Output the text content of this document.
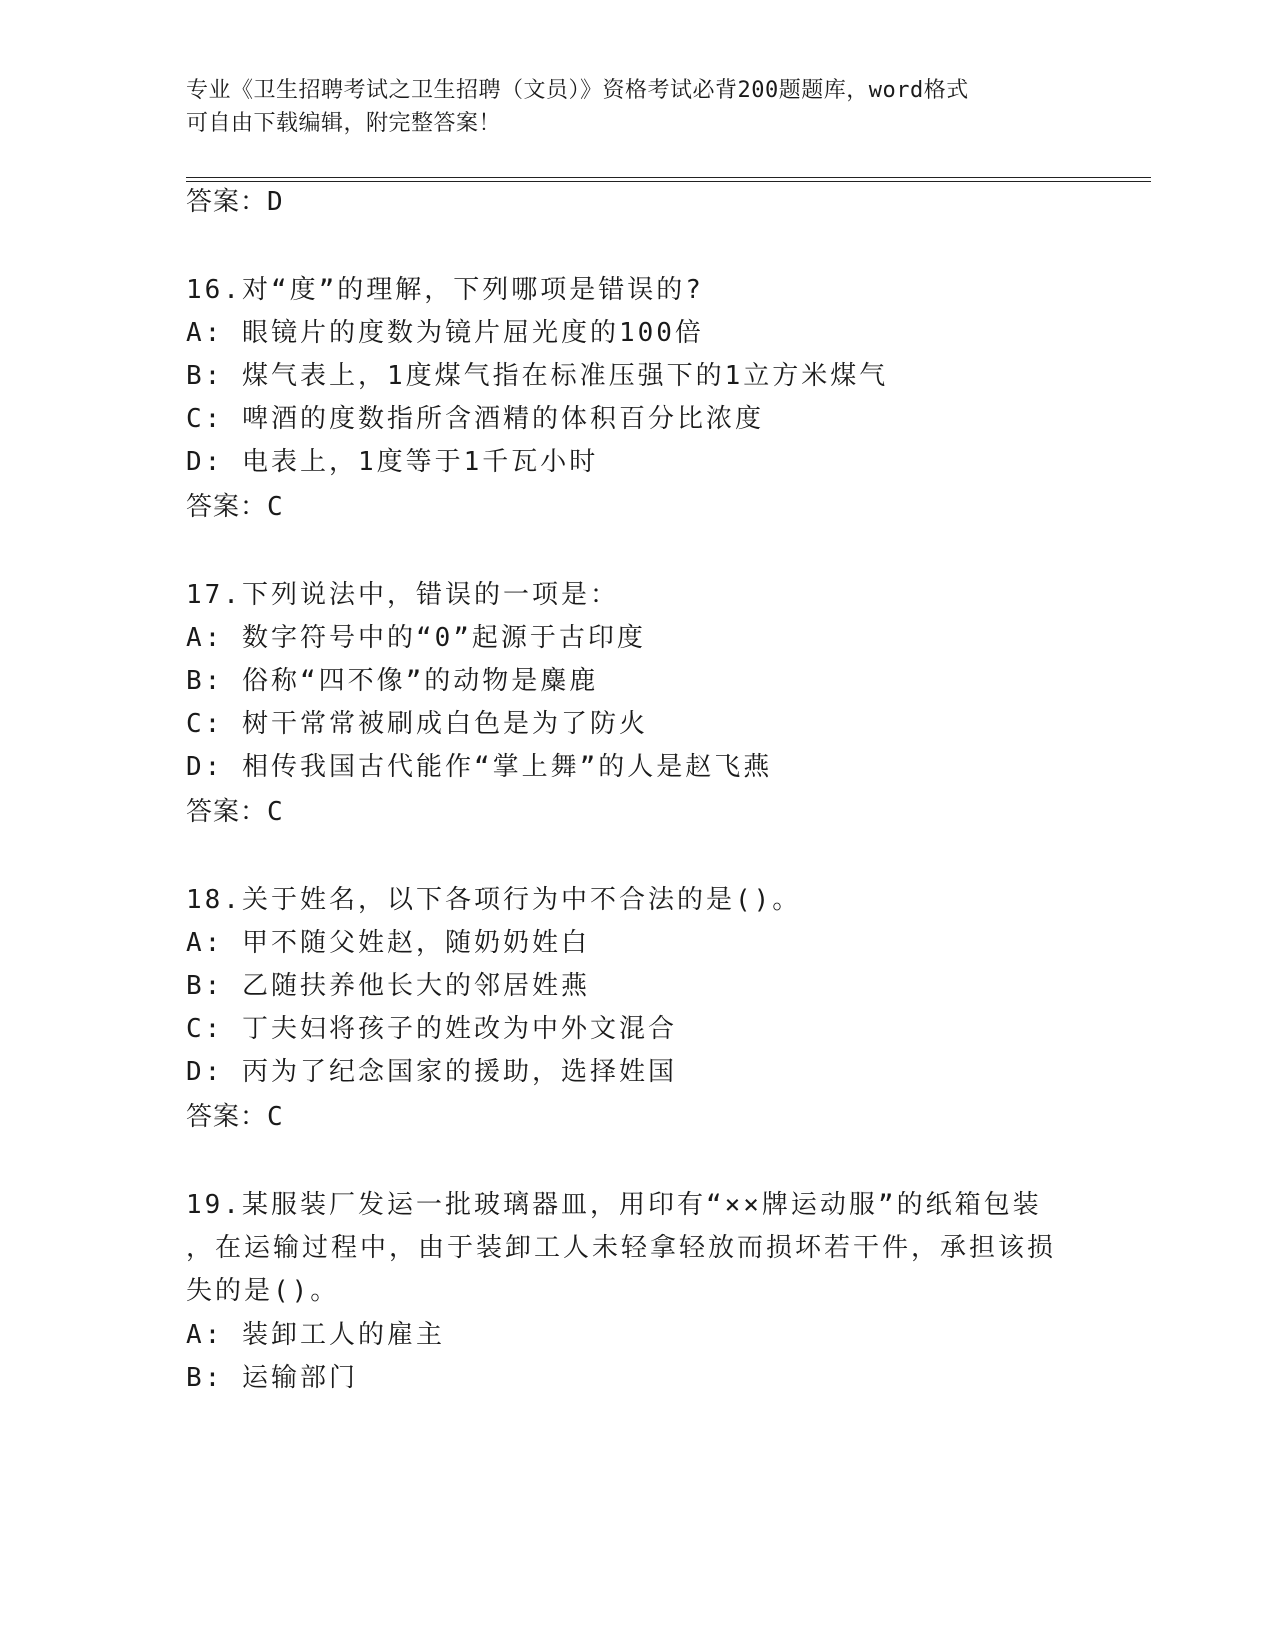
专业《卫生招聘考试之卫生招聘（文员）》资格考试必背200题题库，word格式
可自由下载编辑，附完整答案！
答案：D
16.对“度”的理解，下列哪项是错误的?
A: 眼镜片的度数为镜片屈光度的100倍
B: 煤气表上，1度煤气指在标准压强下的1立方米煤气
C: 啤酒的度数指所含酒精的体积百分比浓度
D: 电表上，1度等于1千瓦小时
答案：C
17.下列说法中，错误的一项是：
A: 数字符号中的“0”起源于古印度
B: 俗称“四不像”的动物是麋鹿
C: 树干常常被刷成白色是为了防火
D: 相传我国古代能作“掌上舞”的人是赵飞燕
答案：C
18.关于姓名，以下各项行为中不合法的是()。
A: 甲不随父姓赵，随奶奶姓白
B: 乙随扶养他长大的邻居姓燕
C: 丁夫妇将孩子的姓改为中外文混合
D: 丙为了纪念国家的援助，选择姓国
答案：C
19.某服装厂发运一批玻璃器皿，用印有“××牌运动服”的纸箱包装
，在运输过程中，由于装卸工人未轻拿轻放而损坏若干件，承担该损
失的是()。
A: 装卸工人的雇主
B: 运输部门
